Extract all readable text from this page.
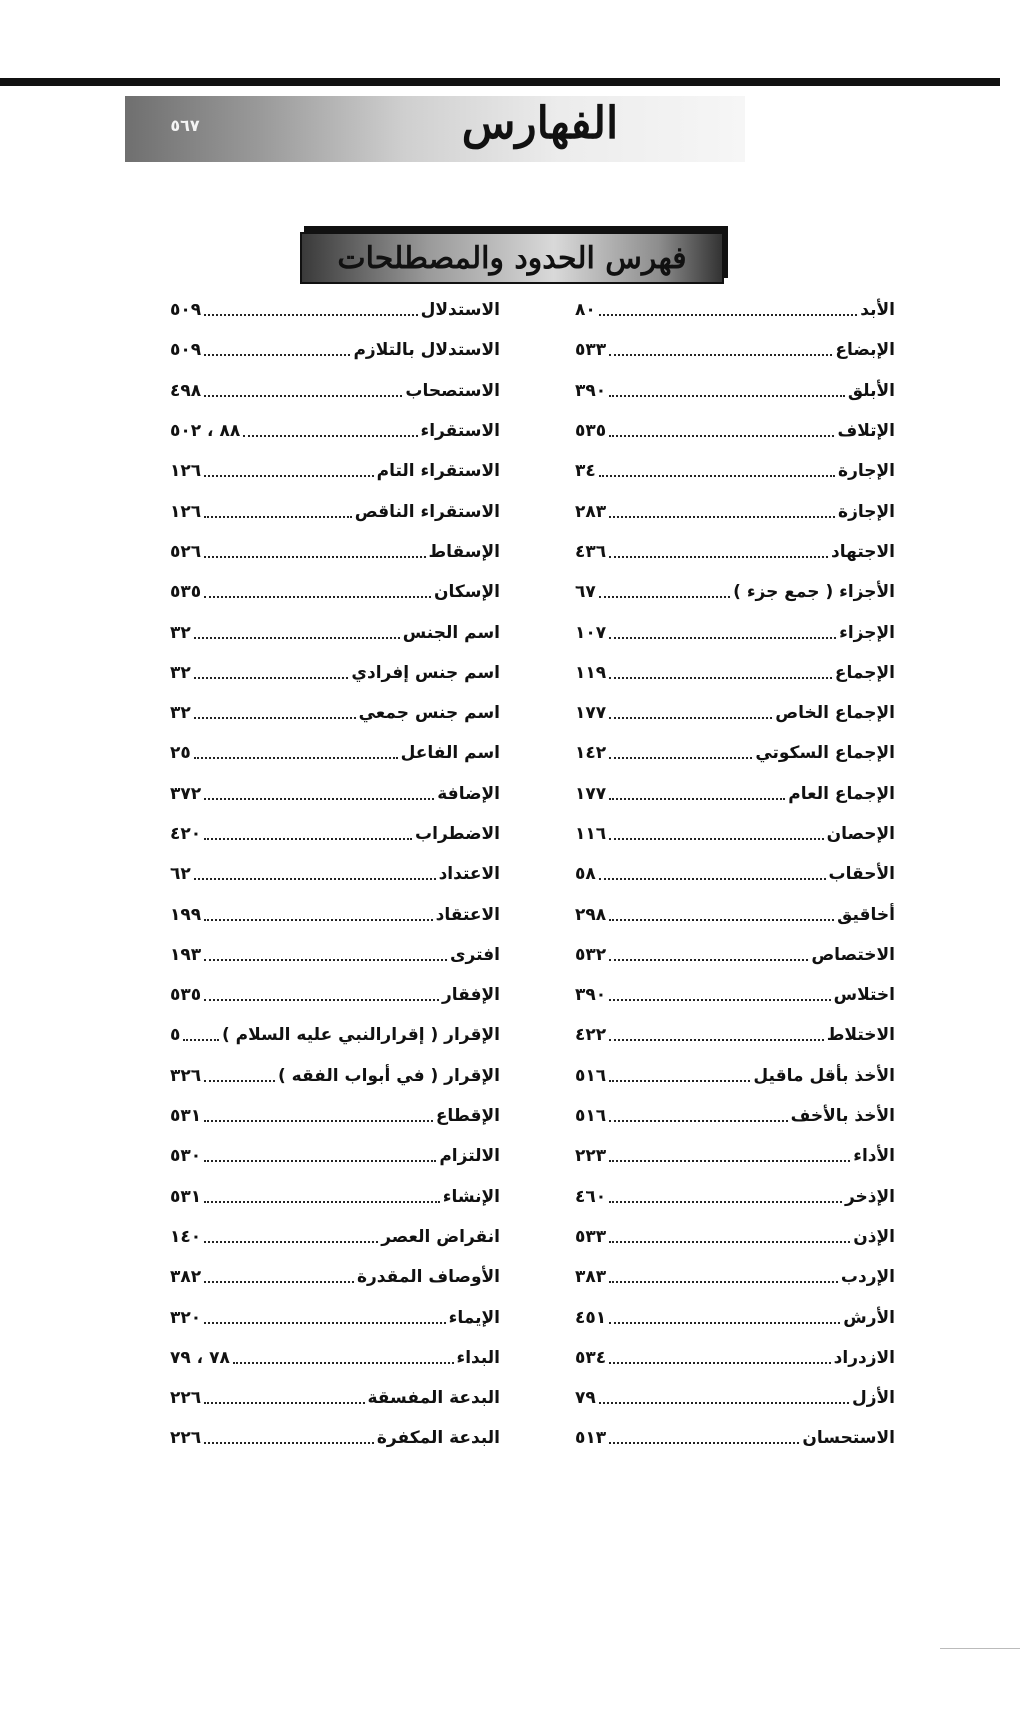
٥٦٧	الفهارس
فهرس الحدود والمصطلحات
الأبد
٨٠
الإبضاع
٥٣٣
الأبلق
٣٩٠
الإتلاف
٥٣٥
الإجارة
٣٤
الإجازة
٢٨٣
الاجتهاد
٤٣٦
الأجزاء ( جمع جزء )
٦٧
الإجزاء
١٠٧
الإجماع
١١٩
الإجماع الخاص
١٧٧
الإجماع السكوتي
١٤٢
الإجماع العام
١٧٧
الإحصان
١١٦
الأحقاب
٥٨
أخاقيق
٢٩٨
الاختصاص
٥٣٢
اختلاس
٣٩٠
الاختلاط
٤٢٢
الأخذ بأقل ماقيل
٥١٦
الأخذ بالأخف
٥١٦
الأداء
٢٢٣
الإذخر
٤٦٠
الإذن
٥٣٣
الإردب
٣٨٣
الأرش
٤٥١
الازدراد
٥٣٤
الأزل
٧٩
الاستحسان
٥١٣
الاستدلال
٥٠٩
الاستدلال بالتلازم
٥٠٩
الاستصحاب
٤٩٨
الاستقراء
٨٨ ، ٥٠٢
الاستقراء التام
١٢٦
الاستقراء الناقص
١٢٦
الإسقاط
٥٢٦
الإسكان
٥٣٥
اسم الجنس
٣٢
اسم جنس إفرادي
٣٢
اسم جنس جمعي
٣٢
اسم الفاعل
٢٥
الإضافة
٣٧٢
الاضطراب
٤٢٠
الاعتداد
٦٢
الاعتقاد
١٩٩
افترى
١٩٣
الإفقار
٥٣٥
الإقرار ( إقرارالنبي عليه السلام )
٥
الإقرار ( في أبواب الفقه )
٣٢٦
الإقطاع
٥٣١
الالتزام
٥٣٠
الإنشاء
٥٣١
انقراض العصر
١٤٠
الأوصاف المقدرة
٣٨٢
الإيماء
٣٢٠
البداء
٧٨ ، ٧٩
البدعة المفسقة
٢٢٦
البدعة المكفرة
٢٢٦
